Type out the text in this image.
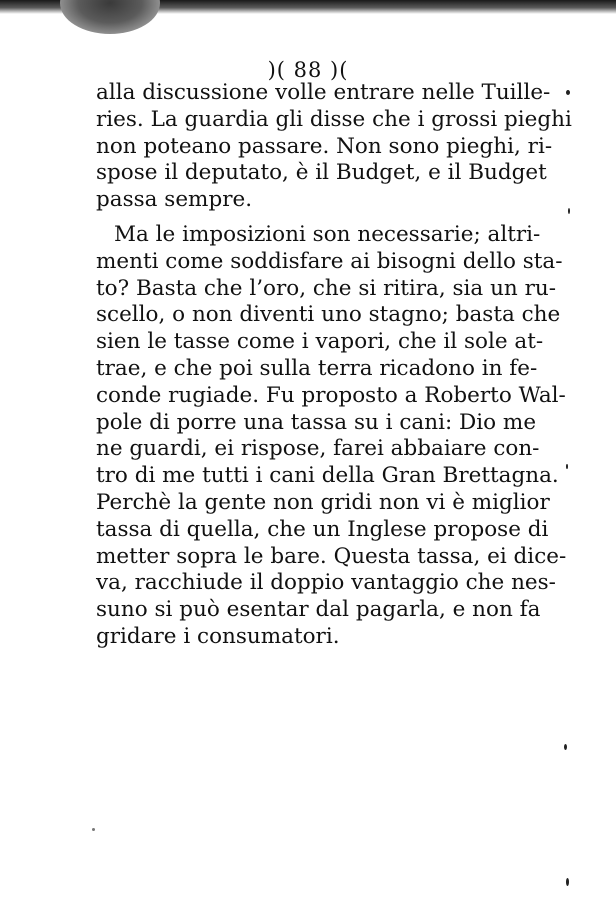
)( 88 )(
alla discussione volle entrare nelle Tuille-
ries. La guardia gli disse che i grossi pieghi
non poteano passare. Non sono pieghi, ri-
spose il deputato, è il Budget, e il Budget
passa sempre.
Ma le imposizioni son necessarie; altri-
menti come soddisfare ai bisogni dello sta-
to? Basta che l’oro, che si ritira, sia un ru-
scello, o non diventi uno stagno; basta che
sien le tasse come i vapori, che il sole at-
trae, e che poi sulla terra ricadono in fe-
conde rugiade. Fu proposto a Roberto Wal-
pole di porre una tassa su i cani: Dio me
ne guardi, ei rispose, farei abbaiare con-
tro di me tutti i cani della Gran Brettagna.
Perchè la gente non gridi non vi è miglior
tassa di quella, che un Inglese propose di
metter sopra le bare. Questa tassa, ei dice-
va, racchiude il doppio vantaggio che nes-
suno si può esentar dal pagarla, e non fa
gridare i consumatori.
